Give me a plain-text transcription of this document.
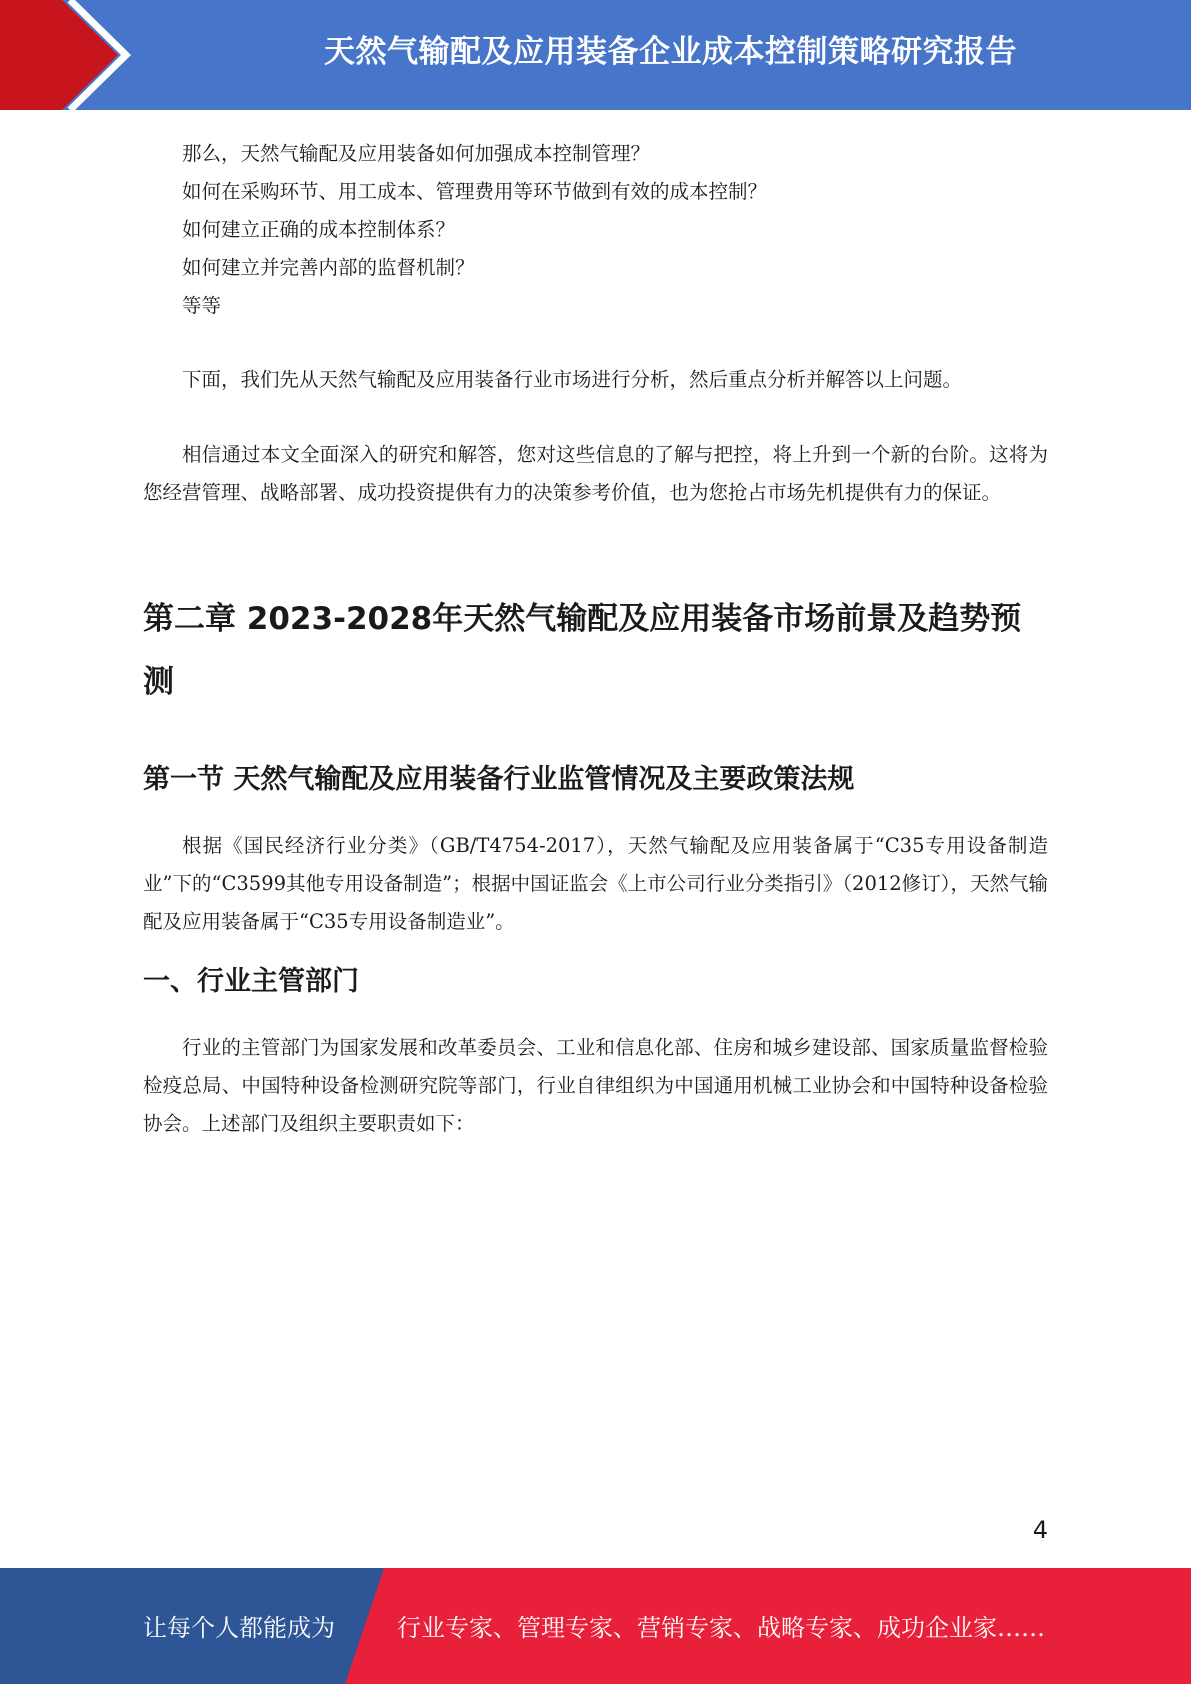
天然气输配及应用装备企业成本控制策略研究报告

那么，天然气输配及应用装备如何加强成本控制管理？

如何在采购环节、用工成本、管理费用等环节做到有效的成本控制？

如何建立正确的成本控制体系？

如何建立并完善内部的监督机制？

等等

下面，我们先从天然气输配及应用装备行业市场进行分析，然后重点分析并解答以上问题。

相信通过本文全面深入的研究和解答，您对这些信息的了解与把控，将上升到一个新的台阶。这将为您经营管理、战略部署、成功投资提供有力的决策参考价值，也为您抢占市场先机提供有力的保证。

第二章 2023-2028年天然气输配及应用装备市场前景及趋势预测
第一节 天然气输配及应用装备行业监管情况及主要政策法规

根据《国民经济行业分类》（GB/T4754-2017），天然气输配及应用装备属于“C35专用设备制造业”下的“C3599其他专用设备制造”；根据中国证监会《上市公司行业分类指引》（2012修订），天然气输配及应用装备属于“C35专用设备制造业”。

一、行业主管部门

行业的主管部门为国家发展和改革委员会、工业和信息化部、住房和城乡建设部、国家质量监督检验检疫总局、中国特种设备检测研究院等部门，行业自律组织为中国通用机械工业协会和中国特种设备检验协会。上述部门及组织主要职责如下：

4
让每个人都能成为	行业专家、管理专家、营销专家、战略专家、成功企业家……
